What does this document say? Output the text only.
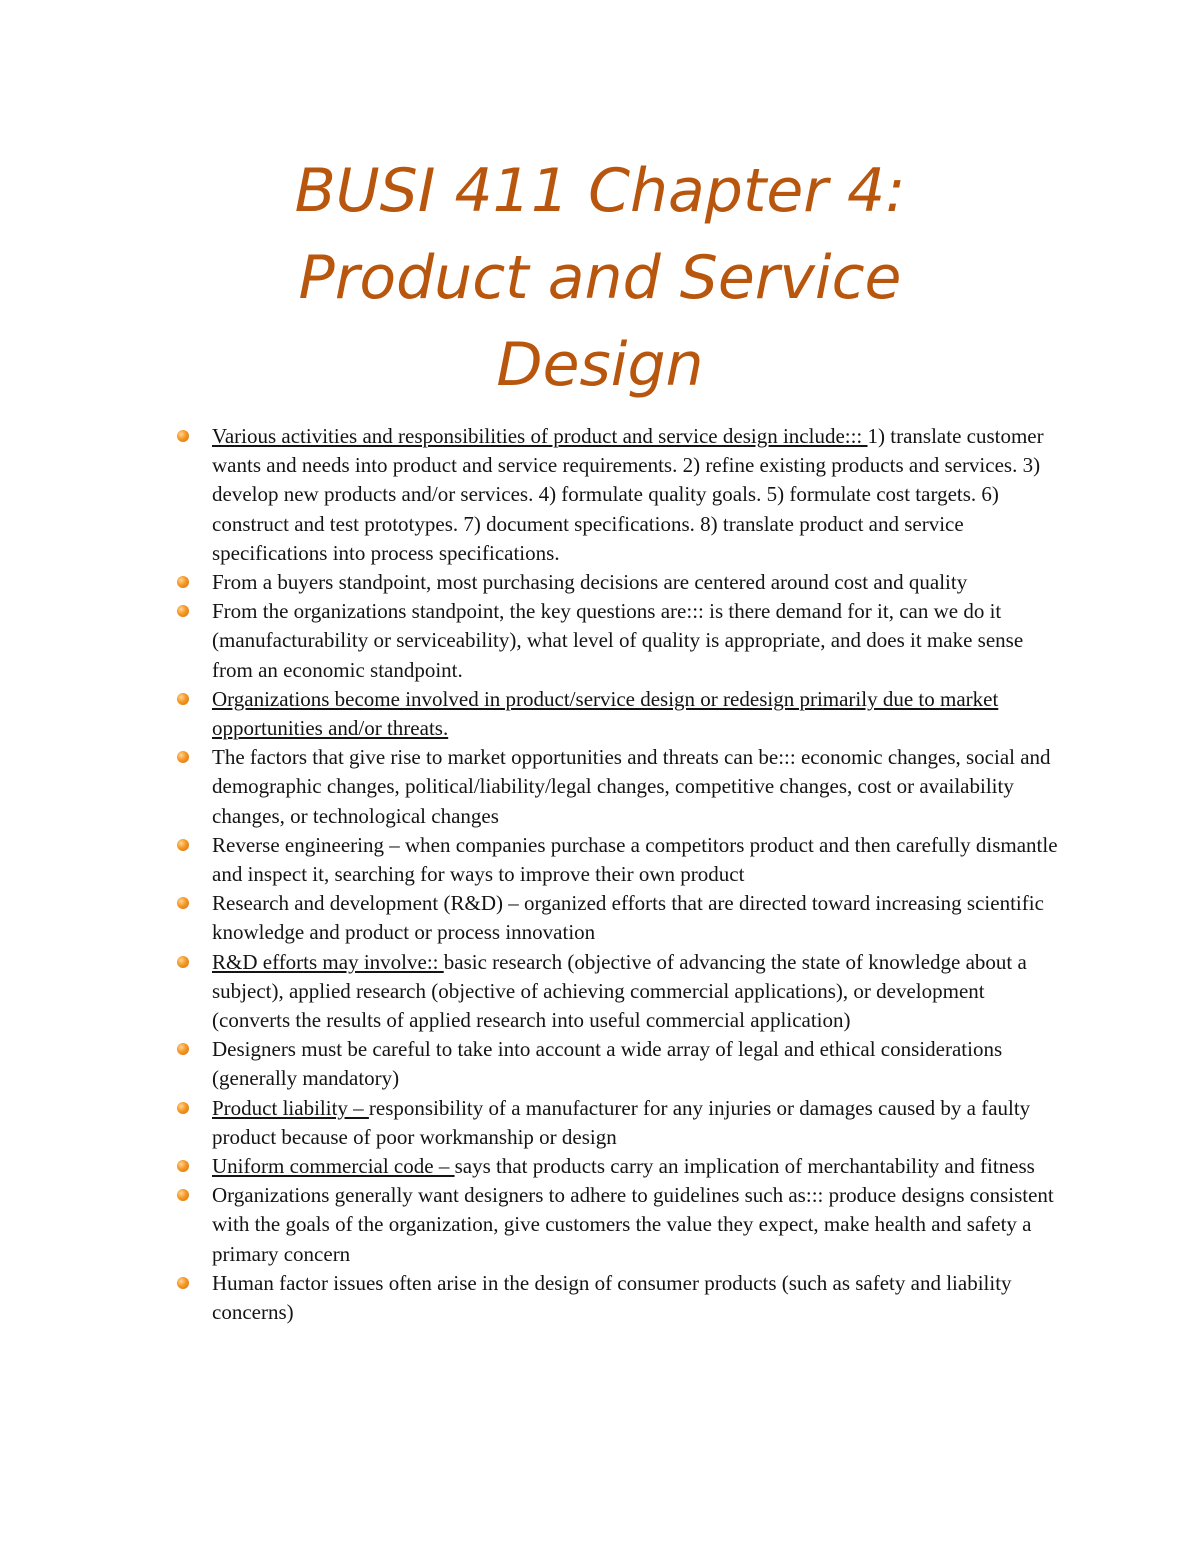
BUSI 411 Chapter 4:
Product and Service
Design
Various activities and responsibilities of product and service design include::: 1) translate customer wants and needs into product and service requirements. 2) refine existing products and services. 3) develop new products and/or services. 4) formulate quality goals. 5) formulate cost targets. 6) construct and test prototypes. 7) document specifications. 8) translate product and service specifications into process specifications.
From a buyers standpoint, most purchasing decisions are centered around cost and quality
From the organizations standpoint, the key questions are::: is there demand for it, can we do it (manufacturability or serviceability), what level of quality is appropriate, and does it make sense from an economic standpoint.
Organizations become involved in product/service design or redesign primarily due to market opportunities and/or threats.
The factors that give rise to market opportunities and threats can be::: economic changes, social and demographic changes, political/liability/legal changes, competitive changes, cost or availability changes, or technological changes
Reverse engineering – when companies purchase a competitors product and then carefully dismantle and inspect it, searching for ways to improve their own product
Research and development (R&D) – organized efforts that are directed toward increasing scientific knowledge and product or process innovation
R&D efforts may involve:: basic research (objective of advancing the state of knowledge about a subject), applied research (objective of achieving commercial applications), or development (converts the results of applied research into useful commercial application)
Designers must be careful to take into account a wide array of legal and ethical considerations (generally mandatory)
Product liability – responsibility of a manufacturer for any injuries or damages caused by a faulty product because of poor workmanship or design
Uniform commercial code – says that products carry an implication of merchantability and fitness
Organizations generally want designers to adhere to guidelines such as::: produce designs consistent with the goals of the organization, give customers the value they expect, make health and safety a primary concern
Human factor issues often arise in the design of consumer products (such as safety and liability concerns)
